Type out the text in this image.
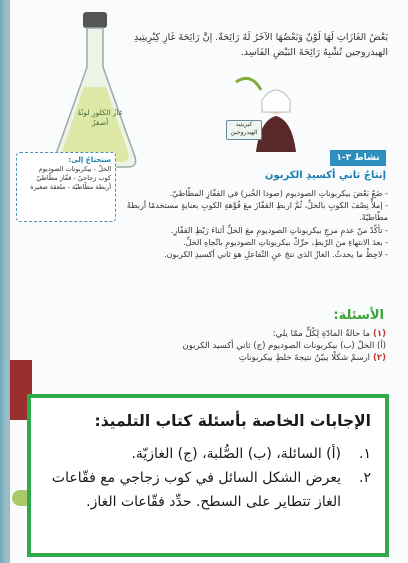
غازُ الكلورِ لونُهُ أصفرُ
بَعْضُ الغَازَاتِ لَهَا لَوْنٌ وَبَعْضُهَا الآخَرُ لَهُ رَائِحَةٌ. إنَّ رَائِحَةَ غَازِ كِبْرِيتِيدِ الهيدروجين تُشْبِهُ رَائِحَةَ البَيْضِ الفَاسِد.
كبريتيد الهيدروجين
نشاط ٣-١
إنتاجُ ثاني أكسيدِ الكربون
ستحتاجُ إلى:
الخلّ - بيكربونات الصوديوم
كوب زجاجيّ - قفّاز مطّاطيّ
أربطة مطّاطيّة - ملعقة صغيرة
- ضَعْ بَعْضَ بيكربوناتِ الصوديوم (صودا الخُبز) في القفّازِ المطّاطيّ.
- إملأْ نِصْفَ الكوبِ بالخلِّ، ثُمَّ اربطِ القفّازَ معَ فُوَّهةِ الكوبِ بعنايةٍ مستخدمًا أربطةً مطّاطيّةً.
- تأكّدْ منْ عدمِ مزجِ بيكربوناتِ الصوديومِ معَ الخلِّ أثناءَ رَبْطِ القفّازِ.
- بعدَ الانتهاءِ منَ الرّبطِ، حرِّكْ بيكربوناتِ الصوديومِ باتّجاهِ الخلِّ.
- لاحِظْ ما يحدثُ. الغازُ الذي نتجَ عنِ التّفاعلِ هوَ ثاني أكسيدِ الكربون.
الأسئلة:
(١) ما حالةُ المادّةِ لِكُلٍّ ممّا يلي:
(أ) الخلّ (ب) بيكربونات الصوديوم (ج) ثاني أكسيد الكربون
(٢) ارسمْ شكلًا يبيّنُ نتيجةَ خلطِ بيكربوناتِ
الإجابات الخاصة بأسئلة كتاب التلميذ:
١.
(أ) السائلة، (ب) الصُّلبة، (ج) الغازيّة.
٢.
يعرض الشكل السائل في كوب زجاجي مع فقّاعات الغاز تتطاير على السطح. حدِّد فقّاعات الغاز.
